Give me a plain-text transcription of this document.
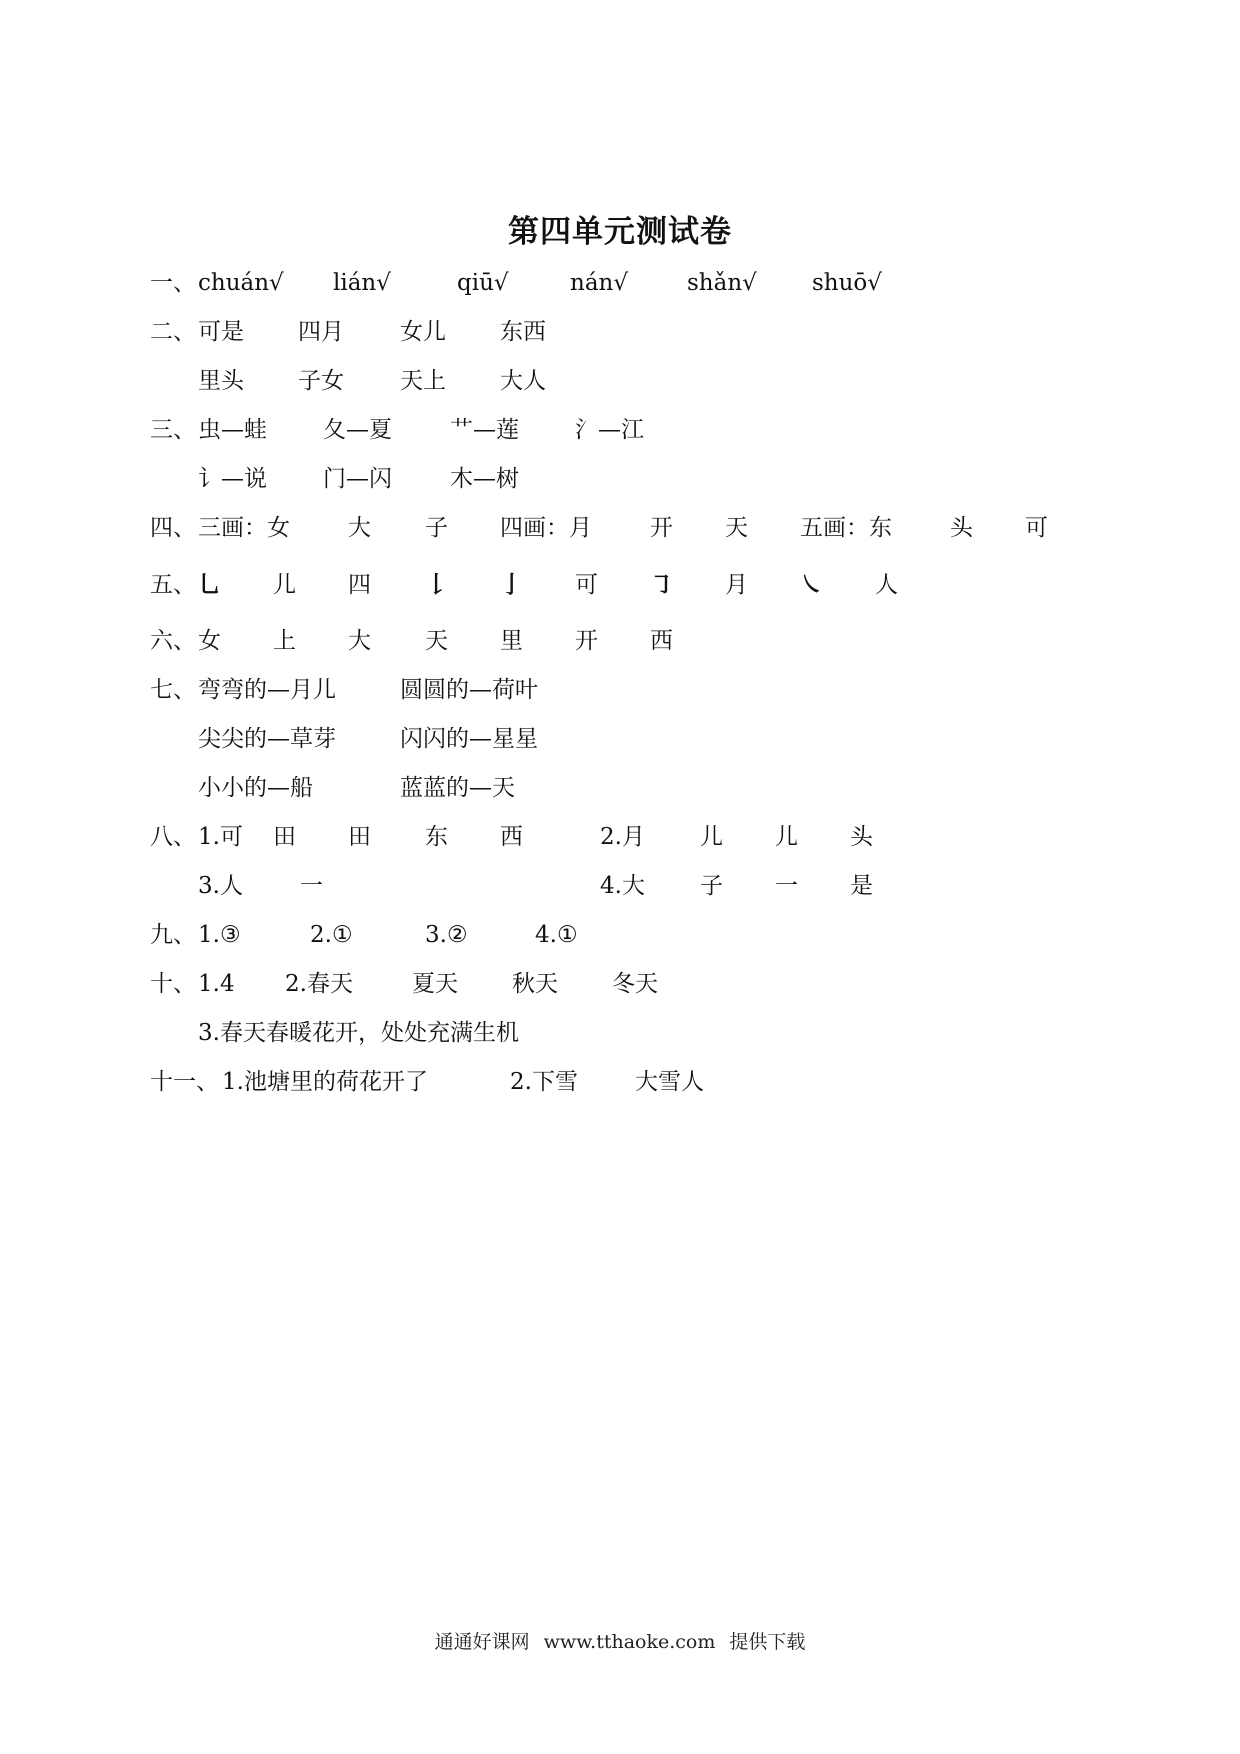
第四单元测试卷
一、 chuán√ lián√	qiū√	nán√	shǎn√ shuō√
二、 可是 四月 女儿 东西
里头 子女 天上 大人
三、 虫—蛙 夂—夏	艹—莲 氵—江
讠—说 门—闪	木—树
四、 三画：女	大 子 四画：月	开 天 五画：东	头 可
五、 乚 儿 四 𠄌 亅 可 ㇆ 月 ㇏ 人
六、 女 上 大 天 里 开 西
七、 弯弯的—月儿	圆圆的—荷叶
尖尖的—草芽	闪闪的—星星
小小的—船	蓝蓝的—天
八、 1.可 田 田 东 西	2.月 儿 儿 头
3.人 一	4.大 子 一 是
九、 1.③	2.①	3.②	4.①
十、 1.4 2.春天	夏天 秋天 冬天
3.春天春暖花开，处处充满生机
十一、 1.池塘里的荷花开了	2.下雪 大雪人
通通好课网 www.tthaoke.com 提供下载
